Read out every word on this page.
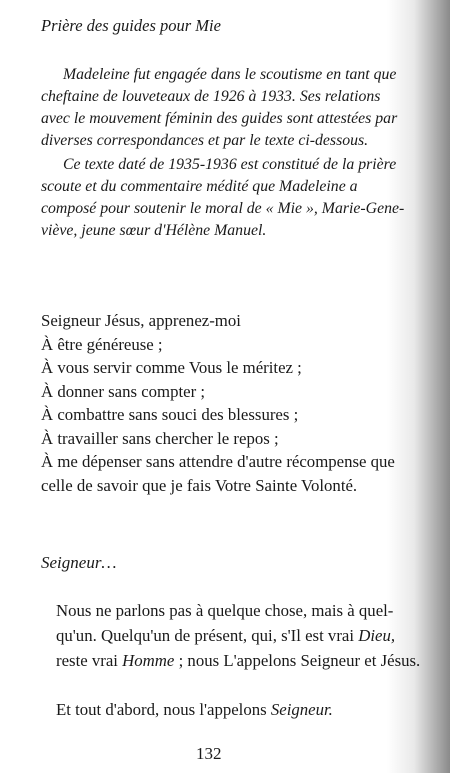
Prière des guides pour Mie
Madeleine fut engagée dans le scoutisme en tant que
cheftaine de louveteaux de 1926 à 1933. Ses relations
avec le mouvement féminin des guides sont attestées par
diverses correspondances et par le texte ci-dessous.
Ce texte daté de 1935-1936 est constitué de la prière
scoute et du commentaire médité que Madeleine a
composé pour soutenir le moral de « Mie », Marie-Gene-
viève, jeune sœur d'Hélène Manuel.
Seigneur Jésus, apprenez-moi
À être généreuse ;
À vous servir comme Vous le méritez ;
À donner sans compter ;
À combattre sans souci des blessures ;
À travailler sans chercher le repos ;
À me dépenser sans attendre d'autre récompense que
celle de savoir que je fais Votre Sainte Volonté.
Seigneur…
Nous ne parlons pas à quelque chose, mais à quel-
qu'un. Quelqu'un de présent, qui, s'Il est vrai Dieu,
reste vrai Homme ; nous L'appelons Seigneur et Jésus.
Et tout d'abord, nous l'appelons Seigneur.
132
